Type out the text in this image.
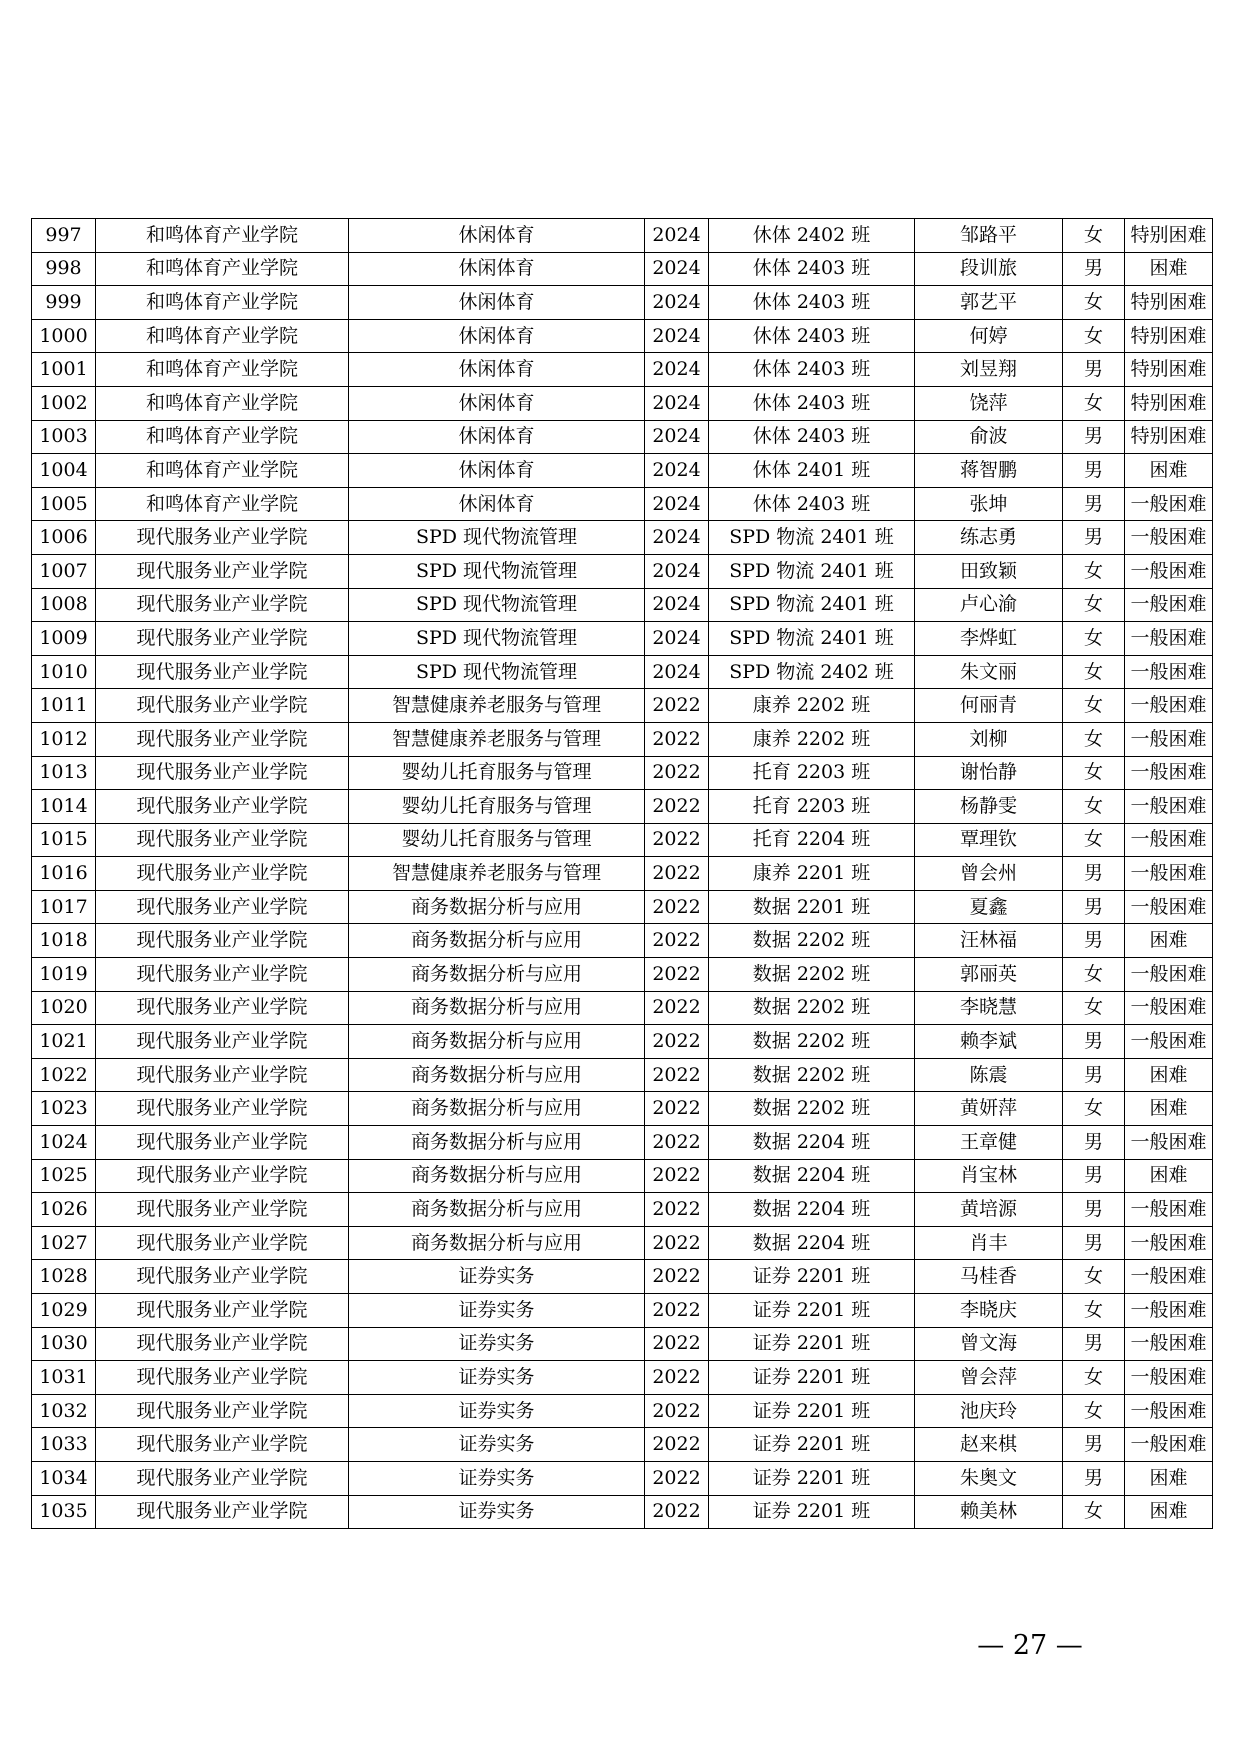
997	和鸣体育产业学院	休闲体育	2024	休体 2402 班	邹路平	女	特别困难
998	和鸣体育产业学院	休闲体育	2024	休体 2403 班	段训旅	男	困难
999	和鸣体育产业学院	休闲体育	2024	休体 2403 班	郭艺平	女	特别困难
1000	和鸣体育产业学院	休闲体育	2024	休体 2403 班	何婷	女	特别困难
1001	和鸣体育产业学院	休闲体育	2024	休体 2403 班	刘昱翔	男	特别困难
1002	和鸣体育产业学院	休闲体育	2024	休体 2403 班	饶萍	女	特别困难
1003	和鸣体育产业学院	休闲体育	2024	休体 2403 班	俞波	男	特别困难
1004	和鸣体育产业学院	休闲体育	2024	休体 2401 班	蒋智鹏	男	困难
1005	和鸣体育产业学院	休闲体育	2024	休体 2403 班	张坤	男	一般困难
1006	现代服务业产业学院	SPD 现代物流管理	2024	SPD 物流 2401 班	练志勇	男	一般困难
1007	现代服务业产业学院	SPD 现代物流管理	2024	SPD 物流 2401 班	田致颖	女	一般困难
1008	现代服务业产业学院	SPD 现代物流管理	2024	SPD 物流 2401 班	卢心渝	女	一般困难
1009	现代服务业产业学院	SPD 现代物流管理	2024	SPD 物流 2401 班	李烨虹	女	一般困难
1010	现代服务业产业学院	SPD 现代物流管理	2024	SPD 物流 2402 班	朱文丽	女	一般困难
1011	现代服务业产业学院	智慧健康养老服务与管理	2022	康养 2202 班	何丽青	女	一般困难
1012	现代服务业产业学院	智慧健康养老服务与管理	2022	康养 2202 班	刘柳	女	一般困难
1013	现代服务业产业学院	婴幼儿托育服务与管理	2022	托育 2203 班	谢怡静	女	一般困难
1014	现代服务业产业学院	婴幼儿托育服务与管理	2022	托育 2203 班	杨静雯	女	一般困难
1015	现代服务业产业学院	婴幼儿托育服务与管理	2022	托育 2204 班	覃理钦	女	一般困难
1016	现代服务业产业学院	智慧健康养老服务与管理	2022	康养 2201 班	曾会州	男	一般困难
1017	现代服务业产业学院	商务数据分析与应用	2022	数据 2201 班	夏鑫	男	一般困难
1018	现代服务业产业学院	商务数据分析与应用	2022	数据 2202 班	汪林福	男	困难
1019	现代服务业产业学院	商务数据分析与应用	2022	数据 2202 班	郭丽英	女	一般困难
1020	现代服务业产业学院	商务数据分析与应用	2022	数据 2202 班	李晓慧	女	一般困难
1021	现代服务业产业学院	商务数据分析与应用	2022	数据 2202 班	赖李斌	男	一般困难
1022	现代服务业产业学院	商务数据分析与应用	2022	数据 2202 班	陈震	男	困难
1023	现代服务业产业学院	商务数据分析与应用	2022	数据 2202 班	黄妍萍	女	困难
1024	现代服务业产业学院	商务数据分析与应用	2022	数据 2204 班	王章健	男	一般困难
1025	现代服务业产业学院	商务数据分析与应用	2022	数据 2204 班	肖宝林	男	困难
1026	现代服务业产业学院	商务数据分析与应用	2022	数据 2204 班	黄培源	男	一般困难
1027	现代服务业产业学院	商务数据分析与应用	2022	数据 2204 班	肖丰	男	一般困难
1028	现代服务业产业学院	证券实务	2022	证券 2201 班	马桂香	女	一般困难
1029	现代服务业产业学院	证券实务	2022	证券 2201 班	李晓庆	女	一般困难
1030	现代服务业产业学院	证券实务	2022	证券 2201 班	曾文海	男	一般困难
1031	现代服务业产业学院	证券实务	2022	证券 2201 班	曾会萍	女	一般困难
1032	现代服务业产业学院	证券实务	2022	证券 2201 班	池庆玲	女	一般困难
1033	现代服务业产业学院	证券实务	2022	证券 2201 班	赵来棋	男	一般困难
1034	现代服务业产业学院	证券实务	2022	证券 2201 班	朱奥文	男	困难
1035	现代服务业产业学院	证券实务	2022	证券 2201 班	赖美林	女	困难
— 27 —
